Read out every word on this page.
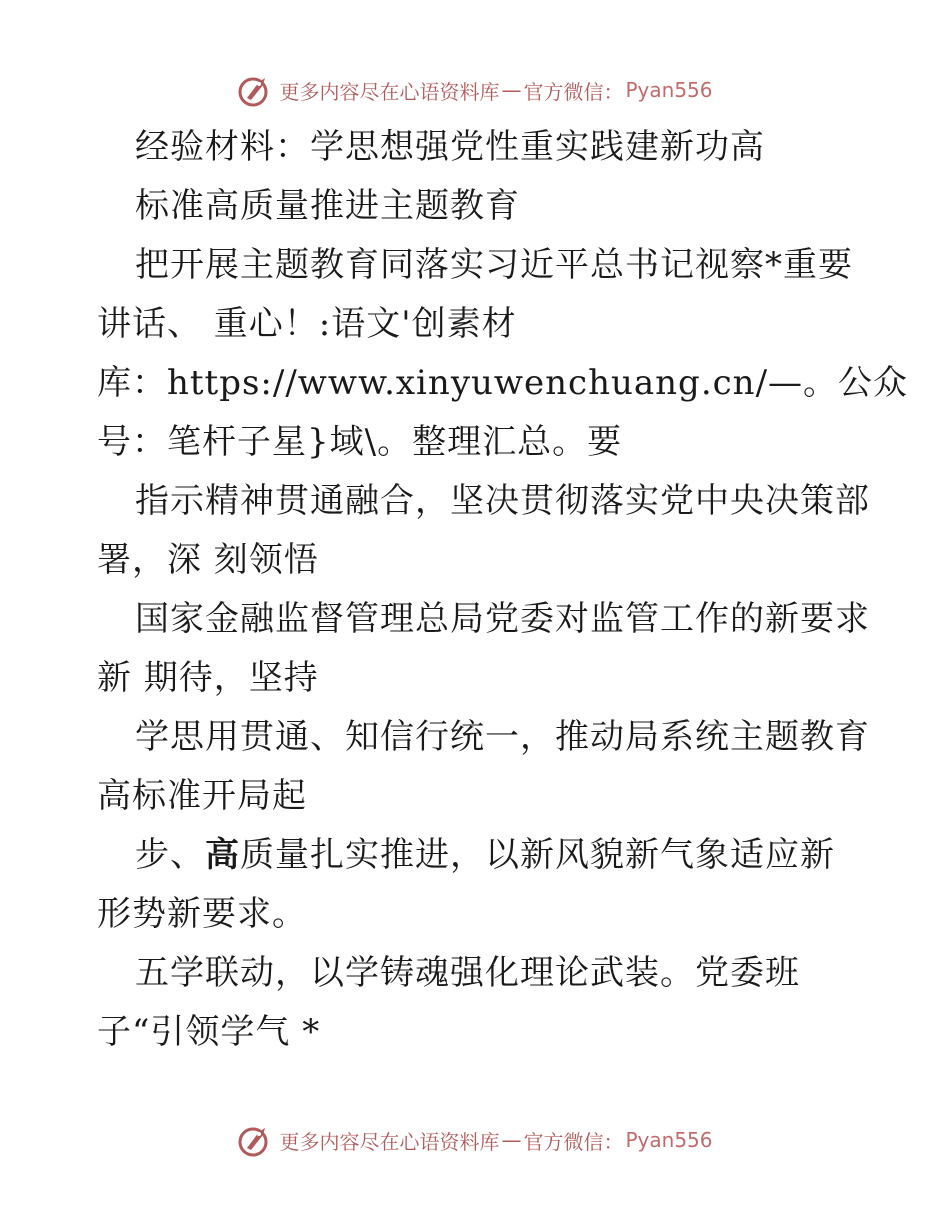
更多内容尽在心语资料库 — 官方微信： Pyan556
经验材料：学思想强党性重实践建新功高
标准高质量推进主题教育
把开展主题教育同落实习近平总书记视察*重要
讲话、 重心！:语文'创素材
库：https://www.xinyuwenchuang.cn/—。公众
号：笔杆子星}域\。整理汇总。要
指示精神贯通融合，坚决贯彻落实党中央决策部
署，深 刻领悟
国家金融监督管理总局党委对监管工作的新要求
新 期待，坚持
学思用贯通、知信行统一，推动局系统主题教育
高标准开局起
步、高质量扎实推进，以新风貌新气象适应新
形势新要求。
五学联动，以学铸魂强化理论武装。党委班
子“引领学气 *
更多内容尽在心语资料库 — 官方微信： Pyan556
